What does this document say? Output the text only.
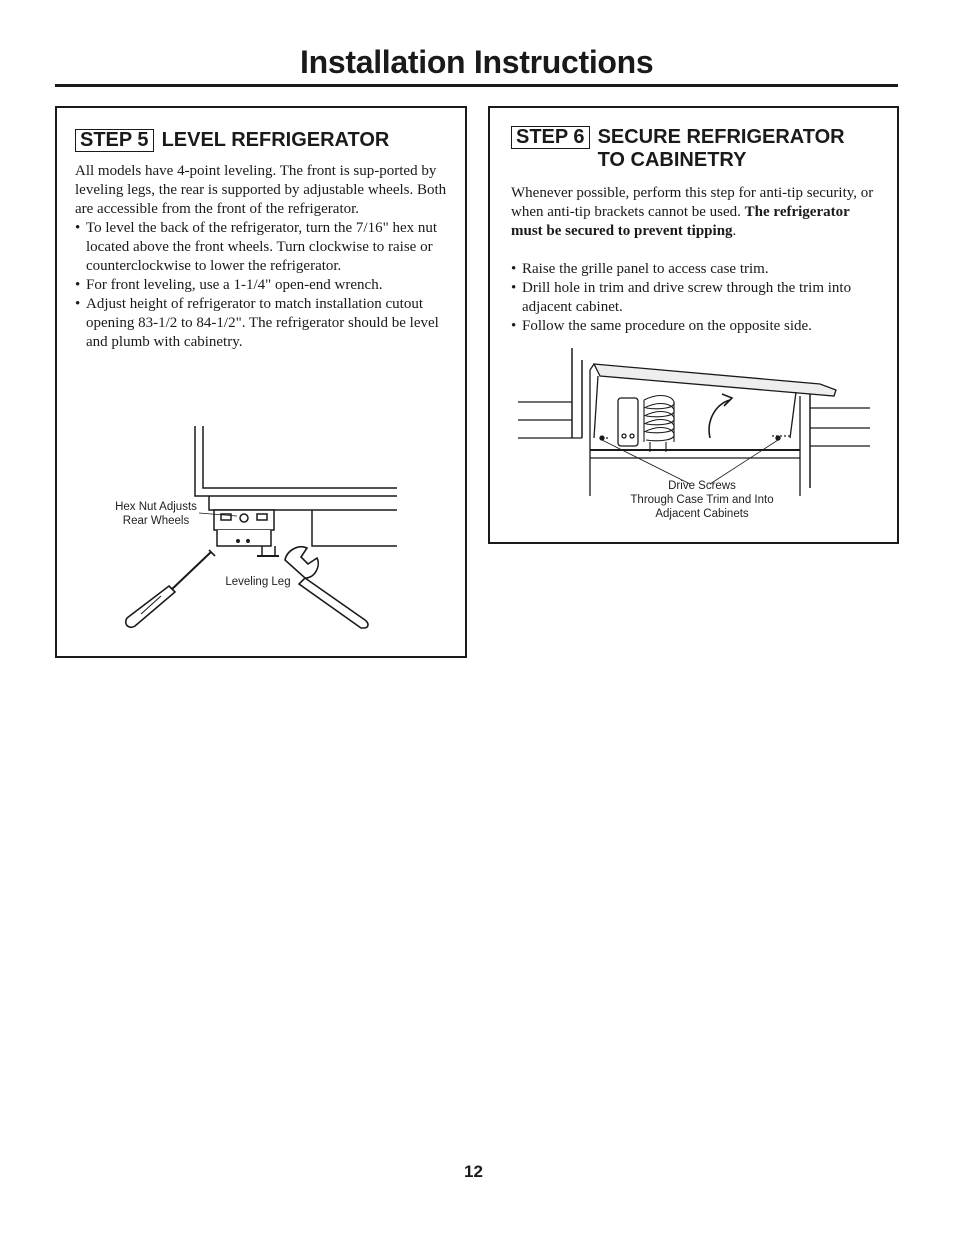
Installation Instructions
STEP 5 LEVEL REFRIGERATOR

All models have 4-point leveling. The front is sup-ported by leveling legs, the rear is supported by adjustable wheels. Both are accessible from the front of the refrigerator.

• To level the back of the refrigerator, turn the 7/16" hex nut located above the front wheels. Turn clockwise to raise or counterclockwise to lower the refrigerator.
• For front leveling, use a 1-1/4" open-end wrench.
• Adjust height of refrigerator to match installation cutout opening 83-1/2 to 84-1/2". The refrigerator should be level and plumb with cabinetry.
Hex Nut Adjusts
Rear Wheels
Leveling Leg
STEP 6 SECURE REFRIGERATOR
TO CABINETRY

Whenever possible, perform this step for anti-tip security, or when anti-tip brackets cannot be used. The refrigerator must be secured to prevent tipping.

• Raise the grille panel to access case trim.
• Drill hole in trim and drive screw through the trim into adjacent cabinet.
• Follow the same procedure on the opposite side.
Drive Screws
Through Case Trim and Into
Adjacent Cabinets
12
